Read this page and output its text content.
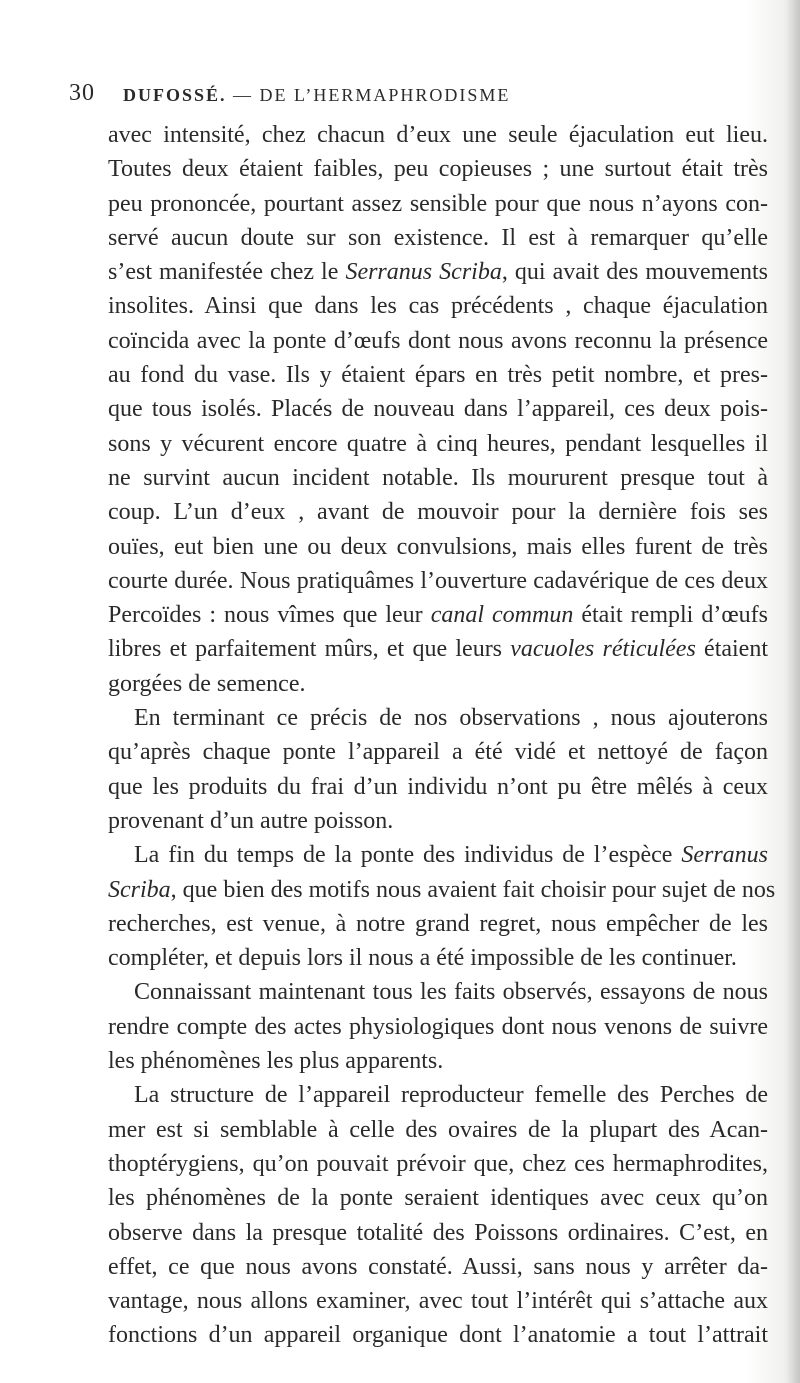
30 DUFOSSÉ. — DE L’HERMAPHRODISME
avec intensité, chez chacun d’eux une seule éjaculation eut lieu.
Toutes deux étaient faibles, peu copieuses ; une surtout était très
peu prononcée, pourtant assez sensible pour que nous n’ayons con-
servé aucun doute sur son existence. Il est à remarquer qu’elle
s’est manifestée chez le Serranus Scriba, qui avait des mouvements
insolites. Ainsi que dans les cas précédents , chaque éjaculation
coïncida avec la ponte d’œufs dont nous avons reconnu la présence
au fond du vase. Ils y étaient épars en très petit nombre, et pres-
que tous isolés. Placés de nouveau dans l’appareil, ces deux pois-
sons y vécurent encore quatre à cinq heures, pendant lesquelles il
ne survint aucun incident notable. Ils moururent presque tout à
coup. L’un d’eux , avant de mouvoir pour la dernière fois ses
ouïes, eut bien une ou deux convulsions, mais elles furent de très
courte durée. Nous pratiquâmes l’ouverture cadavérique de ces deux
Percoïdes : nous vîmes que leur canal commun était rempli d’œufs
libres et parfaitement mûrs, et que leurs vacuoles réticulées étaient
gorgées de semence.
En terminant ce précis de nos observations , nous ajouterons
qu’après chaque ponte l’appareil a été vidé et nettoyé de façon
que les produits du frai d’un individu n’ont pu être mêlés à ceux
provenant d’un autre poisson.
La fin du temps de la ponte des individus de l’espèce Serranus
Scriba, que bien des motifs nous avaient fait choisir pour sujet de nos
recherches, est venue, à notre grand regret, nous empêcher de les
compléter, et depuis lors il nous a été impossible de les continuer.
Connaissant maintenant tous les faits observés, essayons de nous
rendre compte des actes physiologiques dont nous venons de suivre
les phénomènes les plus apparents.
La structure de l’appareil reproducteur femelle des Perches de
mer est si semblable à celle des ovaires de la plupart des Acan-
thoptérygiens, qu’on pouvait prévoir que, chez ces hermaphrodites,
les phénomènes de la ponte seraient identiques avec ceux qu’on
observe dans la presque totalité des Poissons ordinaires. C’est, en
effet, ce que nous avons constaté. Aussi, sans nous y arrêter da-
vantage, nous allons examiner, avec tout l’intérêt qui s’attache aux
fonctions d’un appareil organique dont l’anatomie a tout l’attrait
